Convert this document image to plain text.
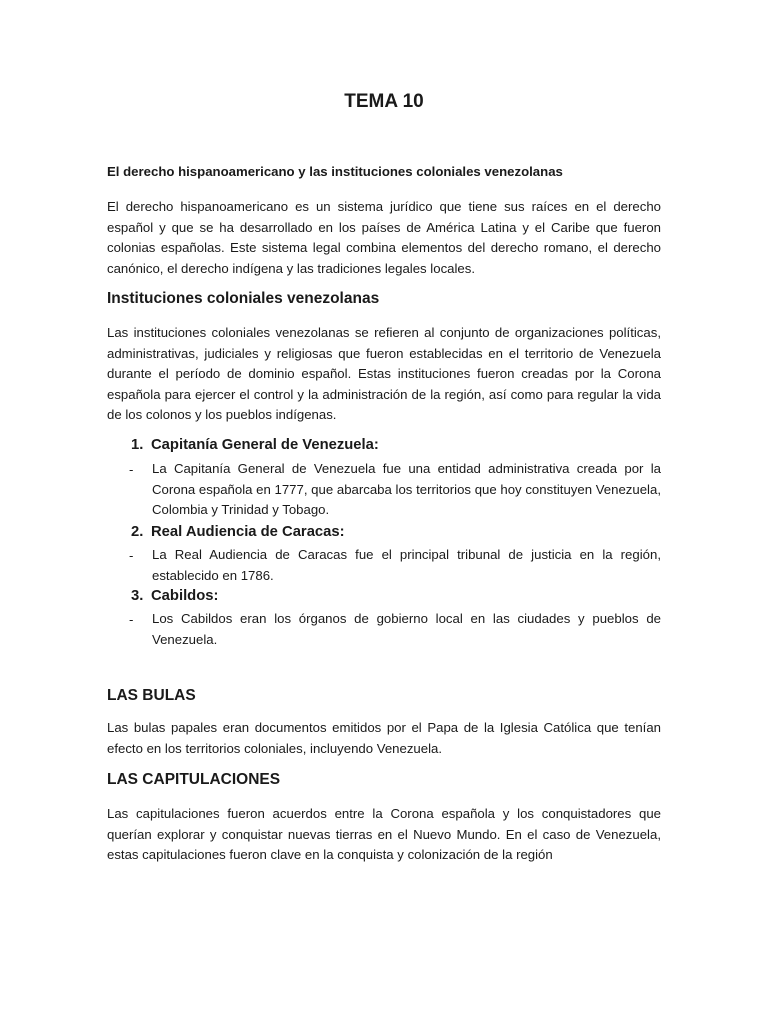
TEMA 10

El derecho hispanoamericano y las instituciones coloniales venezolanas

El derecho hispanoamericano es un sistema jurídico que tiene sus raíces en el derecho español y que se ha desarrollado en los países de América Latina y el Caribe que fueron colonias españolas. Este sistema legal combina elementos del derecho romano, el derecho canónico, el derecho indígena y las tradiciones legales locales.

Instituciones coloniales venezolanas

Las instituciones coloniales venezolanas se refieren al conjunto de organizaciones políticas, administrativas, judiciales y religiosas que fueron establecidas en el territorio de Venezuela durante el período de dominio español. Estas instituciones fueron creadas por la Corona española para ejercer el control y la administración de la región, así como para regular la vida de los colonos y los pueblos indígenas.

1. Capitanía General de Venezuela:
- La Capitanía General de Venezuela fue una entidad administrativa creada por la Corona española en 1777, que abarcaba los territorios que hoy constituyen Venezuela, Colombia y Trinidad y Tobago.

2. Real Audiencia de Caracas:
- La Real Audiencia de Caracas fue el principal tribunal de justicia en la región, establecido en 1786.

3. Cabildos:
- Los Cabildos eran los órganos de gobierno local en las ciudades y pueblos de Venezuela.

LAS BULAS

Las bulas papales eran documentos emitidos por el Papa de la Iglesia Católica que tenían efecto en los territorios coloniales, incluyendo Venezuela.

LAS CAPITULACIONES

Las capitulaciones fueron acuerdos entre la Corona española y los conquistadores que querían explorar y conquistar nuevas tierras en el Nuevo Mundo. En el caso de Venezuela, estas capitulaciones fueron clave en la conquista y colonización de la región
